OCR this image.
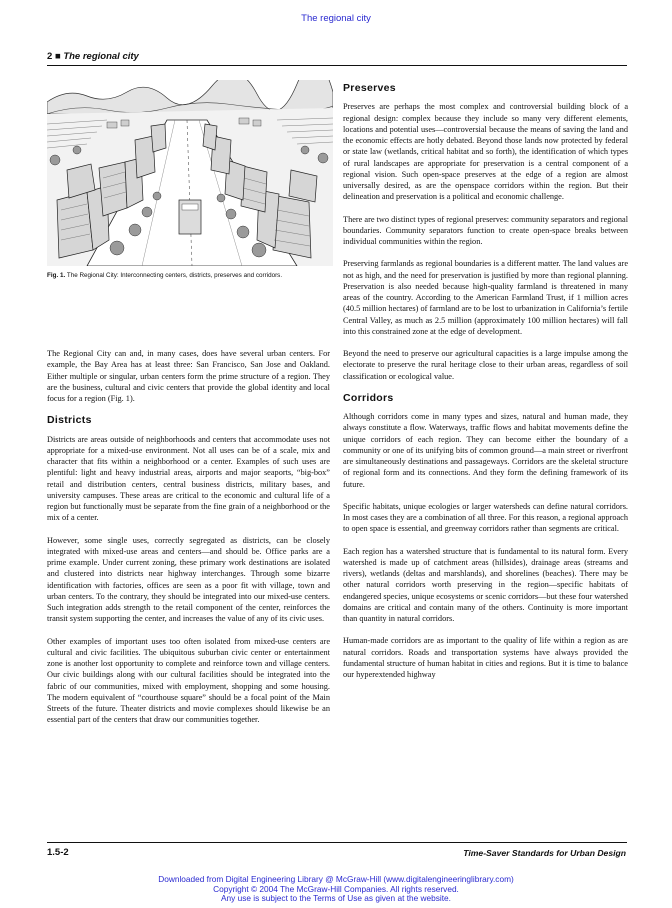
The regional city
2 ■ The regional city
Fig. 1. The Regional City: Interconnecting centers, districts, preserves and corridors.

The Regional City can and, in many cases, does have several urban centers. For example, the Bay Area has at least three: San Francisco, San Jose and Oakland. Either multiple or singular, urban centers form the prime structure of a region. They are the business, cultural and civic centers that provide the global identity and local focus for a region (Fig. 1).

Districts

Districts are areas outside of neighborhoods and centers that accommodate uses not appropriate for a mixed-use environment. Not all uses can be of a scale, mix and character that fits within a neighborhood or a center. Examples of such uses are plentiful: light and heavy industrial areas, airports and major seaports, “big-box” retail and distribution centers, central business districts, military bases, and university campuses. These areas are critical to the economic and cultural life of a region but functionally must be separate from the fine grain of a neighborhood or the mix of a center.

However, some single uses, correctly segregated as districts, can be closely integrated with mixed-use areas and centers—and should be. Office parks are a prime example. Under current zoning, these primary work destinations are isolated and clustered into districts near highway interchanges. Through some bizarre identification with factories, offices are seen as a poor fit with village, town and urban centers. To the contrary, they should be integrated into our mixed-use centers. Such integration adds strength to the retail component of the center, reinforces the transit system supporting the center, and increases the value of any of its civic uses.

Other examples of important uses too often isolated from mixed-use centers are cultural and civic facilities. The ubiquitous suburban civic center or entertainment zone is another lost opportunity to complete and reinforce town and village centers. Our civic buildings along with our cultural facilities should be integrated into the fabric of our communities, mixed with employment, shopping and some housing. The modern equivalent of “courthouse square” should be a focal point of the Main Streets of the future. Theater districts and movie complexes should likewise be an essential part of the centers that draw our communities together.

Preserves

Preserves are perhaps the most complex and controversial building block of a regional design: complex because they include so many very different elements, locations and potential uses—controversial because the means of saving the land and the economic effects are hotly debated. Beyond those lands now protected by federal or state law (wetlands, critical habitat and so forth), the identification of which types of rural landscapes are appropriate for preservation is a central component of a regional vision. Such open-space preserves at the edge of a region are almost universally desired, as are the openspace corridors within the region. But their delineation and preservation is a political and economic challenge.

There are two distinct types of regional preserves: community separators and regional boundaries. Community separators function to create open-space breaks between individual communities within the region.

Preserving farmlands as regional boundaries is a different matter. The land values are not as high, and the need for preservation is justified by more than regional planning. Preservation is also needed because high-quality farmland is threatened in many areas of the country. According to the American Farmland Trust, if 1 million acres (40.5 million hectares) of farmland are to be lost to urbanization in California’s fertile Central Valley, as much as 2.5 million (approximately 100 million hectares) will fall into this constrained zone at the edge of development.

Beyond the need to preserve our agricultural capacities is a large impulse among the electorate to preserve the rural heritage close to their urban areas, regardless of soil classification or ecological value.

Corridors

Although corridors come in many types and sizes, natural and human made, they always constitute a flow. Waterways, traffic flows and habitat movements define the unique corridors of each region. They can become either the boundary of a community or one of its unifying bits of common ground—a main street or riverfront are simultaneously destinations and passageways. Corridors are the skeletal structure of regional form and its connections. And they form the defining framework of its future.

Specific habitats, unique ecologies or larger watersheds can define natural corridors. In most cases they are a combination of all three. For this reason, a regional approach to open space is essential, and greenway corridors rather than segments are critical.

Each region has a watershed structure that is fundamental to its natural form. Every watershed is made up of catchment areas (hillsides), drainage areas (streams and rivers), wetlands (deltas and marshlands), and shorelines (beaches). There may be other natural corridors worth preserving in the region—specific habitats of endangered species, unique ecosystems or scenic corridors—but these four watershed domains are critical and contain many of the others. Continuity is more important than quantity in natural corridors.

Human-made corridors are as important to the quality of life within a region as are natural corridors. Roads and transportation systems have always provided the fundamental structure of human habitat in cities and regions. But it is time to balance our hyperextended highway

1.5-2	Time-Saver Standards for Urban Design
Downloaded from Digital Engineering Library @ McGraw-Hill (www.digitalengineeringlibrary.com)
Copyright © 2004 The McGraw-Hill Companies. All rights reserved.
Any use is subject to the Terms of Use as given at the website.
